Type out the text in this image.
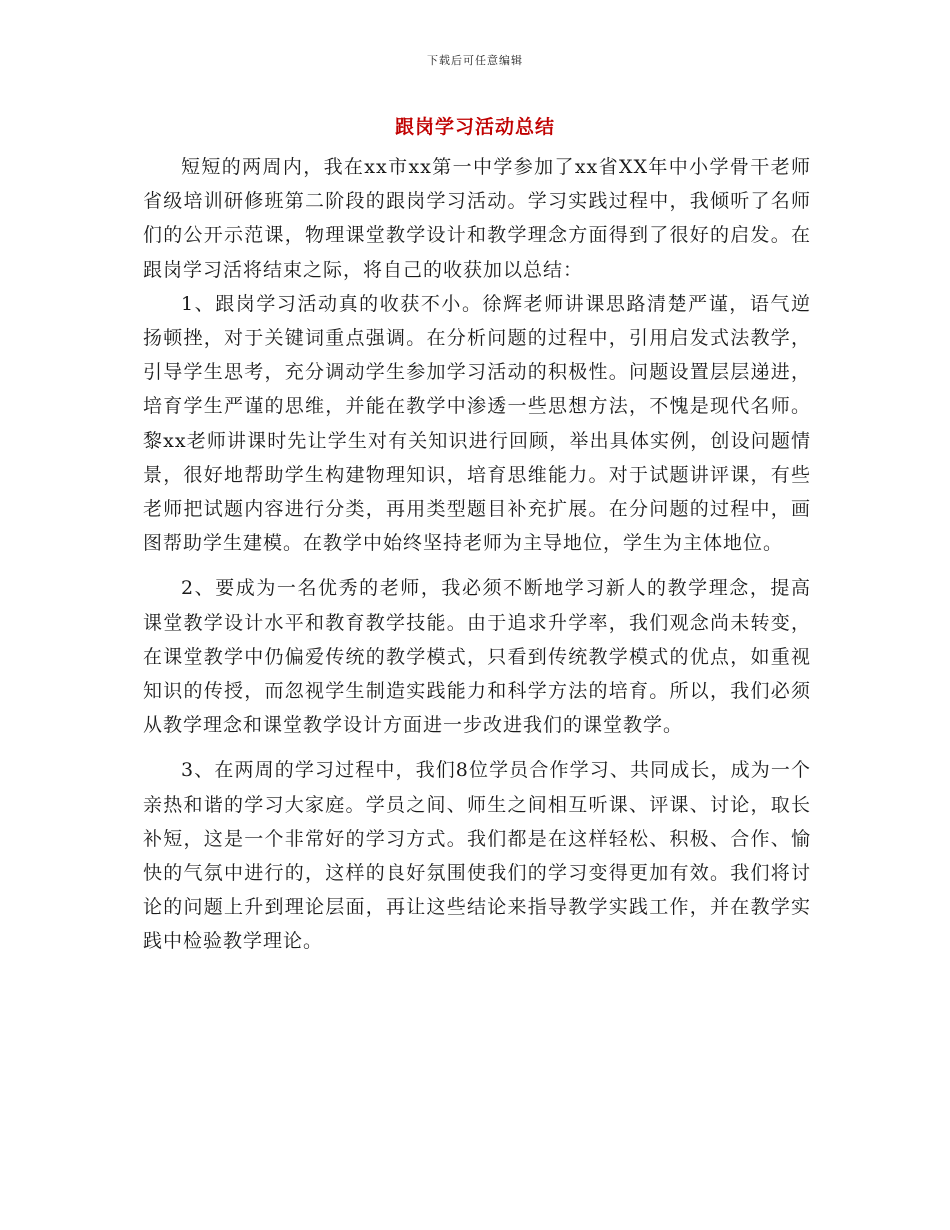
下载后可任意编辑
跟岗学习活动总结

短短的两周内，我在xx市xx第一中学参加了xx省XX年中小学骨干老师省级培训研修班第二阶段的跟岗学习活动。学习实践过程中，我倾听了名师们的公开示范课，物理课堂教学设计和教学理念方面得到了很好的启发。在跟岗学习活将结束之际，将自己的收获加以总结：

1、跟岗学习活动真的收获不小。徐辉老师讲课思路清楚严谨，语气逆扬顿挫，对于关键词重点强调。在分析问题的过程中，引用启发式法教学，引导学生思考，充分调动学生参加学习活动的积极性。问题设置层层递进，培育学生严谨的思维，并能在教学中渗透一些思想方法，不愧是现代名师。黎xx老师讲课时先让学生对有关知识进行回顾，举出具体实例，创设问题情景，很好地帮助学生构建物理知识，培育思维能力。对于试题讲评课，有些老师把试题内容进行分类，再用类型题目补充扩展。在分问题的过程中，画图帮助学生建模。在教学中始终坚持老师为主导地位，学生为主体地位。

2、要成为一名优秀的老师，我必须不断地学习新人的教学理念，提高课堂教学设计水平和教育教学技能。由于追求升学率，我们观念尚未转变，在课堂教学中仍偏爱传统的教学模式，只看到传统教学模式的优点，如重视知识的传授，而忽视学生制造实践能力和科学方法的培育。所以，我们必须从教学理念和课堂教学设计方面进一步改进我们的课堂教学。

3、在两周的学习过程中，我们8位学员合作学习、共同成长，成为一个亲热和谐的学习大家庭。学员之间、师生之间相互听课、评课、讨论，取长补短，这是一个非常好的学习方式。我们都是在这样轻松、积极、合作、愉快的气氛中进行的，这样的良好氛围使我们的学习变得更加有效。我们将讨论的问题上升到理论层面，再让这些结论来指导教学实践工作，并在教学实践中检验教学理论。
